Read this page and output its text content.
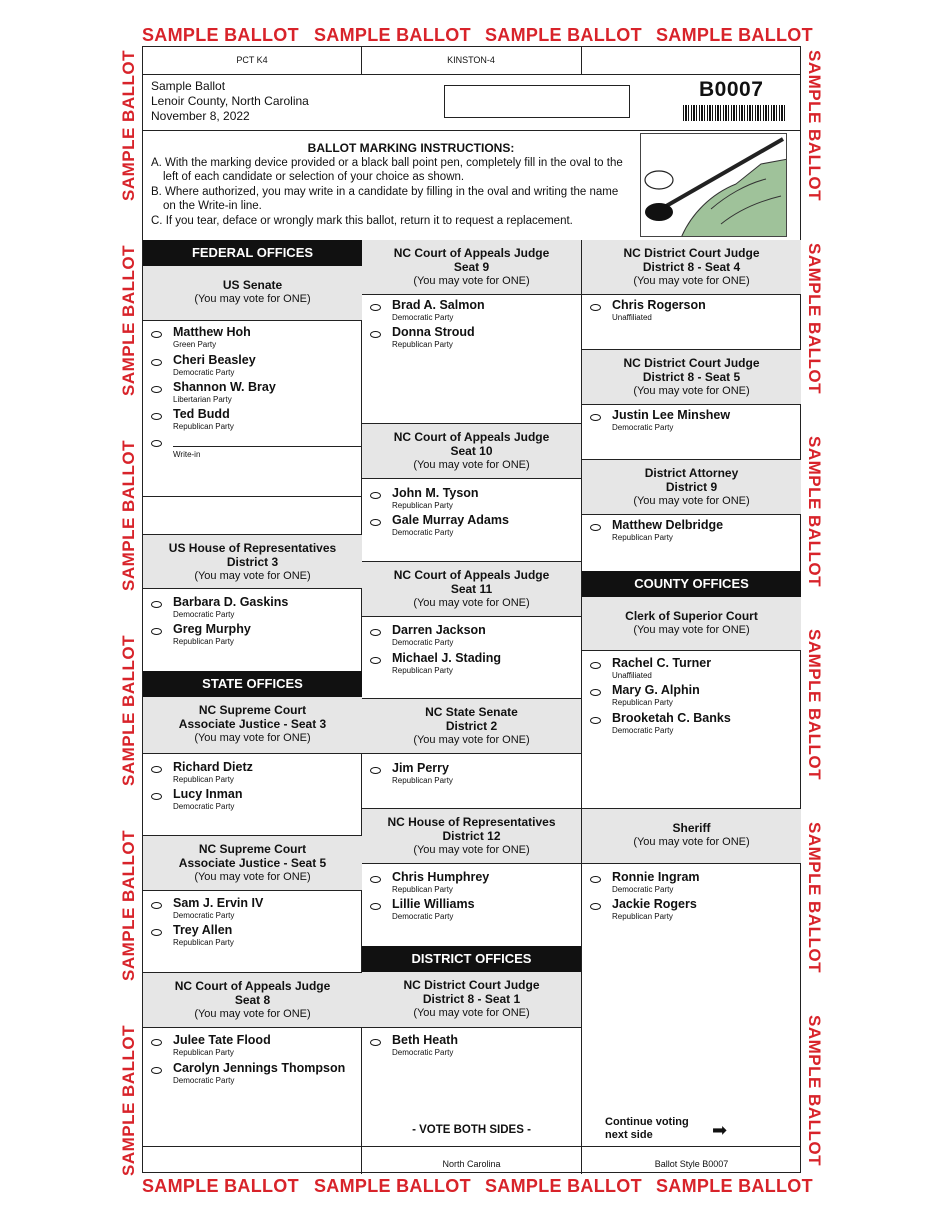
SAMPLE BALLOT SAMPLE BALLOT SAMPLE BALLOT SAMPLE BALLOT
SAMPLE BALLOT SAMPLE BALLOT SAMPLE BALLOT SAMPLE BALLOT
SAMPLE BALLOT
SAMPLE BALLOT
SAMPLE BALLOT
SAMPLE BALLOT
SAMPLE BALLOT
SAMPLE BALLOT
SAMPLE BALLOT
SAMPLE BALLOT
SAMPLE BALLOT
SAMPLE BALLOT
SAMPLE BALLOT
SAMPLE BALLOT
PCT K4	KINSTON-4
Sample Ballot
Lenoir County, North Carolina
November 8, 2022
B0007
BALLOT MARKING INSTRUCTIONS:

A. With the marking device provided or a black ball point pen, completely fill in the oval to the left of each candidate or selection of your choice as shown.

B. Where authorized, you may write in a candidate by filling in the oval and writing the name on the Write-in line.

C. If you tear, deface or wrongly mark this ballot, return it to request a replacement.

FEDERAL OFFICES
US Senate
(You may vote for ONE)
Matthew Hoh
Green Party
Cheri Beasley
Democratic Party
Shannon W. Bray
Libertarian Party
Ted Budd
Republican Party
Write-in
US House of Representatives
District 3
(You may vote for ONE)
Barbara D. Gaskins
Democratic Party
Greg Murphy
Republican Party
STATE OFFICES
NC Supreme Court
Associate Justice - Seat 3
(You may vote for ONE)
Richard Dietz
Republican Party
Lucy Inman
Democratic Party
NC Supreme Court
Associate Justice - Seat 5
(You may vote for ONE)
Sam J. Ervin IV
Democratic Party
Trey Allen
Republican Party
NC Court of Appeals Judge
Seat 8
(You may vote for ONE)
Julee Tate Flood
Republican Party
Carolyn Jennings Thompson
Democratic Party
NC Court of Appeals Judge
Seat 9
(You may vote for ONE)
Brad A. Salmon
Democratic Party
Donna Stroud
Republican Party
NC Court of Appeals Judge
Seat 10
(You may vote for ONE)
John M. Tyson
Republican Party
Gale Murray Adams
Democratic Party
NC Court of Appeals Judge
Seat 11
(You may vote for ONE)
Darren Jackson
Democratic Party
Michael J. Stading
Republican Party
NC State Senate
District 2
(You may vote for ONE)
Jim Perry
Republican Party
NC House of Representatives
District 12
(You may vote for ONE)
Chris Humphrey
Republican Party
Lillie Williams
Democratic Party
DISTRICT OFFICES
NC District Court Judge
District 8 - Seat 1
(You may vote for ONE)
Beth Heath
Democratic Party
- VOTE BOTH SIDES -
NC District Court Judge
District 8 - Seat 4
(You may vote for ONE)
Chris Rogerson
Unaffiliated
NC District Court Judge
District 8 - Seat 5
(You may vote for ONE)
Justin Lee Minshew
Democratic Party
District Attorney
District 9
(You may vote for ONE)
Matthew Delbridge
Republican Party
COUNTY OFFICES
Clerk of Superior Court
(You may vote for ONE)
Rachel C. Turner
Unaffiliated
Mary G. Alphin
Republican Party
Brooketah C. Banks
Democratic Party
Sheriff
(You may vote for ONE)
Ronnie Ingram
Democratic Party
Jackie Rogers
Republican Party
Continue voting
next side	➡
North Carolina	Ballot Style B0007
